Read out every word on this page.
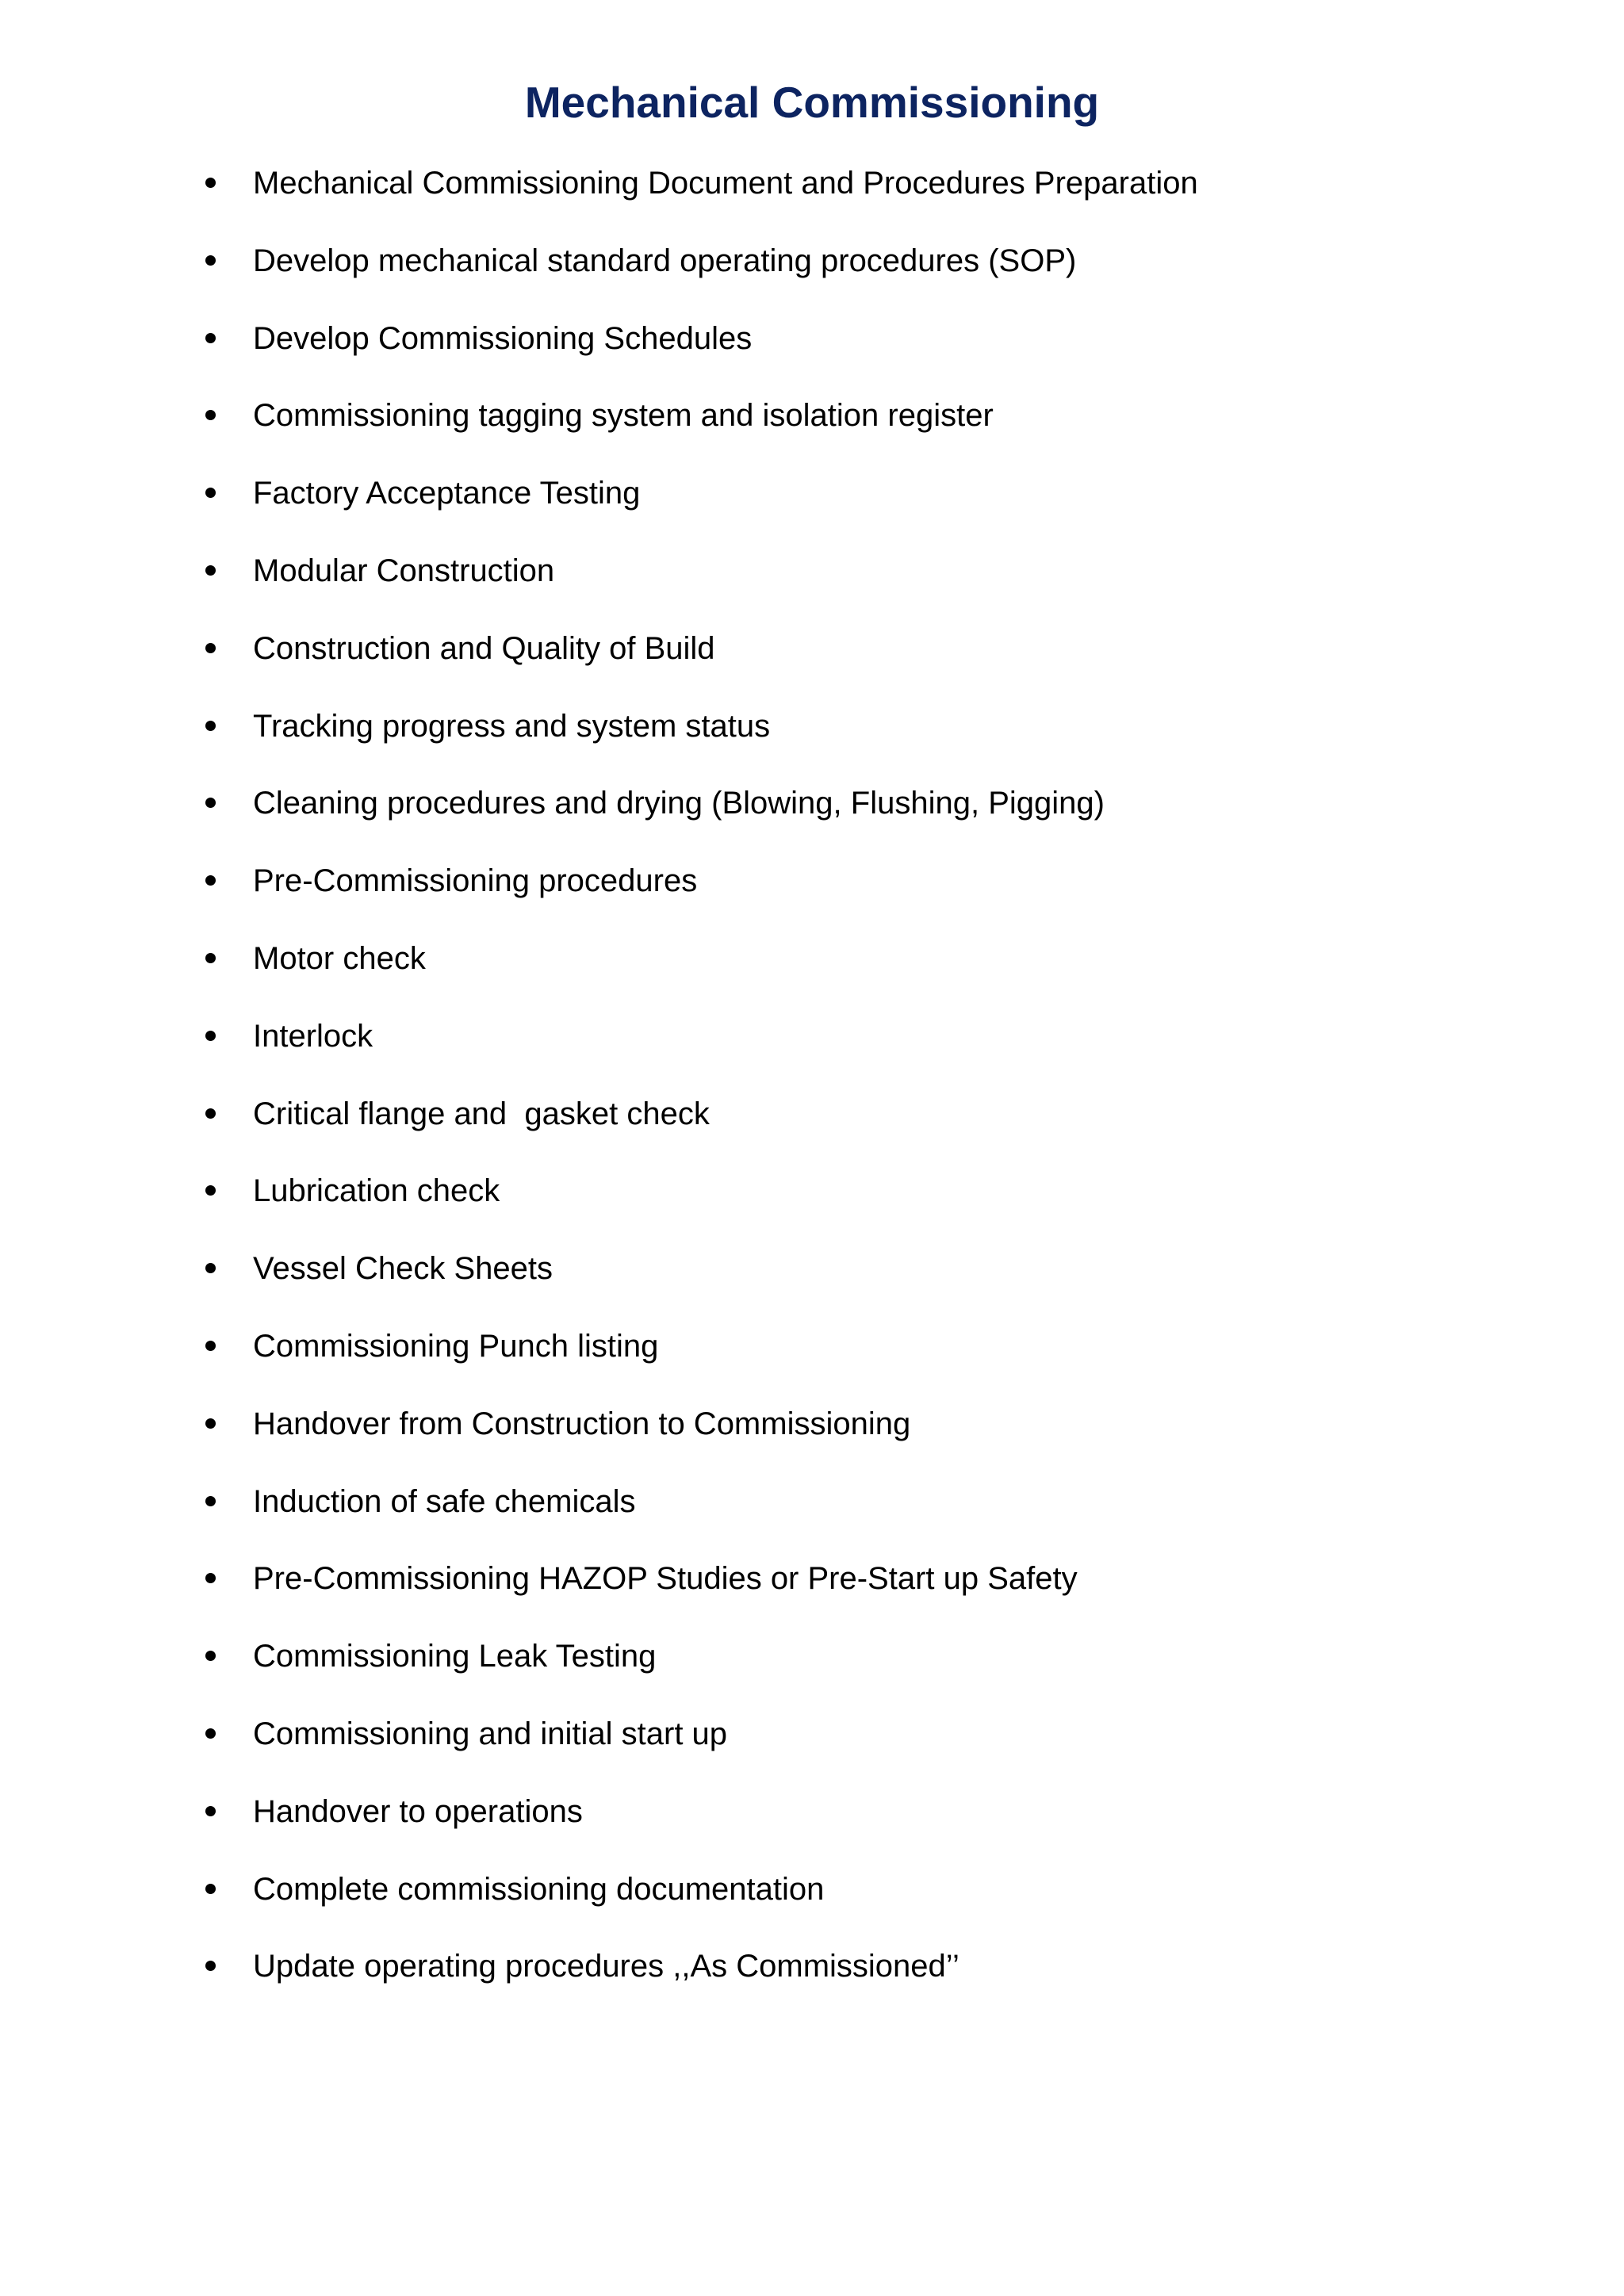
Mechanical Commissioning
Mechanical Commissioning Document and Procedures Preparation
Develop mechanical standard operating procedures (SOP)
Develop Commissioning Schedules
Commissioning tagging system and isolation register
Factory Acceptance Testing
Modular Construction
Construction and Quality of Build
Tracking progress and system status
Cleaning procedures and drying (Blowing, Flushing, Pigging)
Pre-Commissioning procedures
Motor check
Interlock
Critical flange and  gasket check
Lubrication check
Vessel Check Sheets
Commissioning Punch listing
Handover from Construction to Commissioning
Induction of safe chemicals
Pre-Commissioning HAZOP Studies or Pre-Start up Safety
Commissioning Leak Testing
Commissioning and initial start up
Handover to operations
Complete commissioning documentation
Update operating procedures ,,As Commissioned’’
